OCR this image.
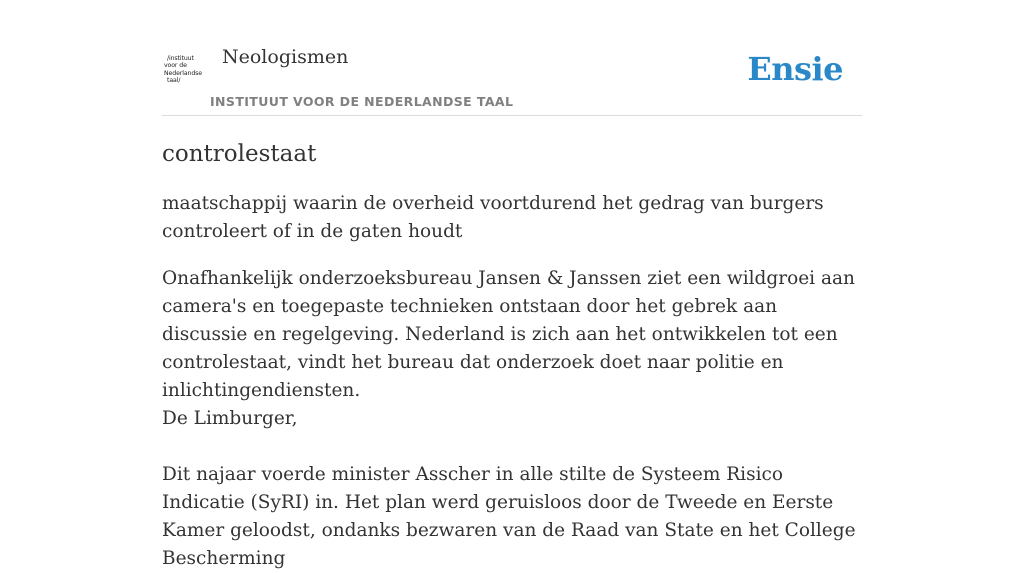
/instituut
voor de
Nederlandse
taal/
Neologismen
INSTITUUT VOOR DE NEDERLANDSE TAAL
Ensie
controlestaat
maatschappij waarin de overheid voortdurend het gedrag van burgers controleert of in de gaten houdt

Onafhankelijk onderzoeksbureau Jansen & Janssen ziet een wildgroei aan camera's en toegepaste technieken ontstaan door het gebrek aan discussie en regelgeving. Nederland is zich aan het ontwikkelen tot een controlestaat, vindt het bureau dat onderzoek doet naar politie en inlichtingendiensten.

De Limburger,

Dit najaar voerde minister Asscher in alle stilte de Systeem Risico Indicatie (SyRI) in. Het plan werd geruisloos door de Tweede en Eerste Kamer geloodst, ondanks bezwaren van de Raad van State en het College Bescherming
